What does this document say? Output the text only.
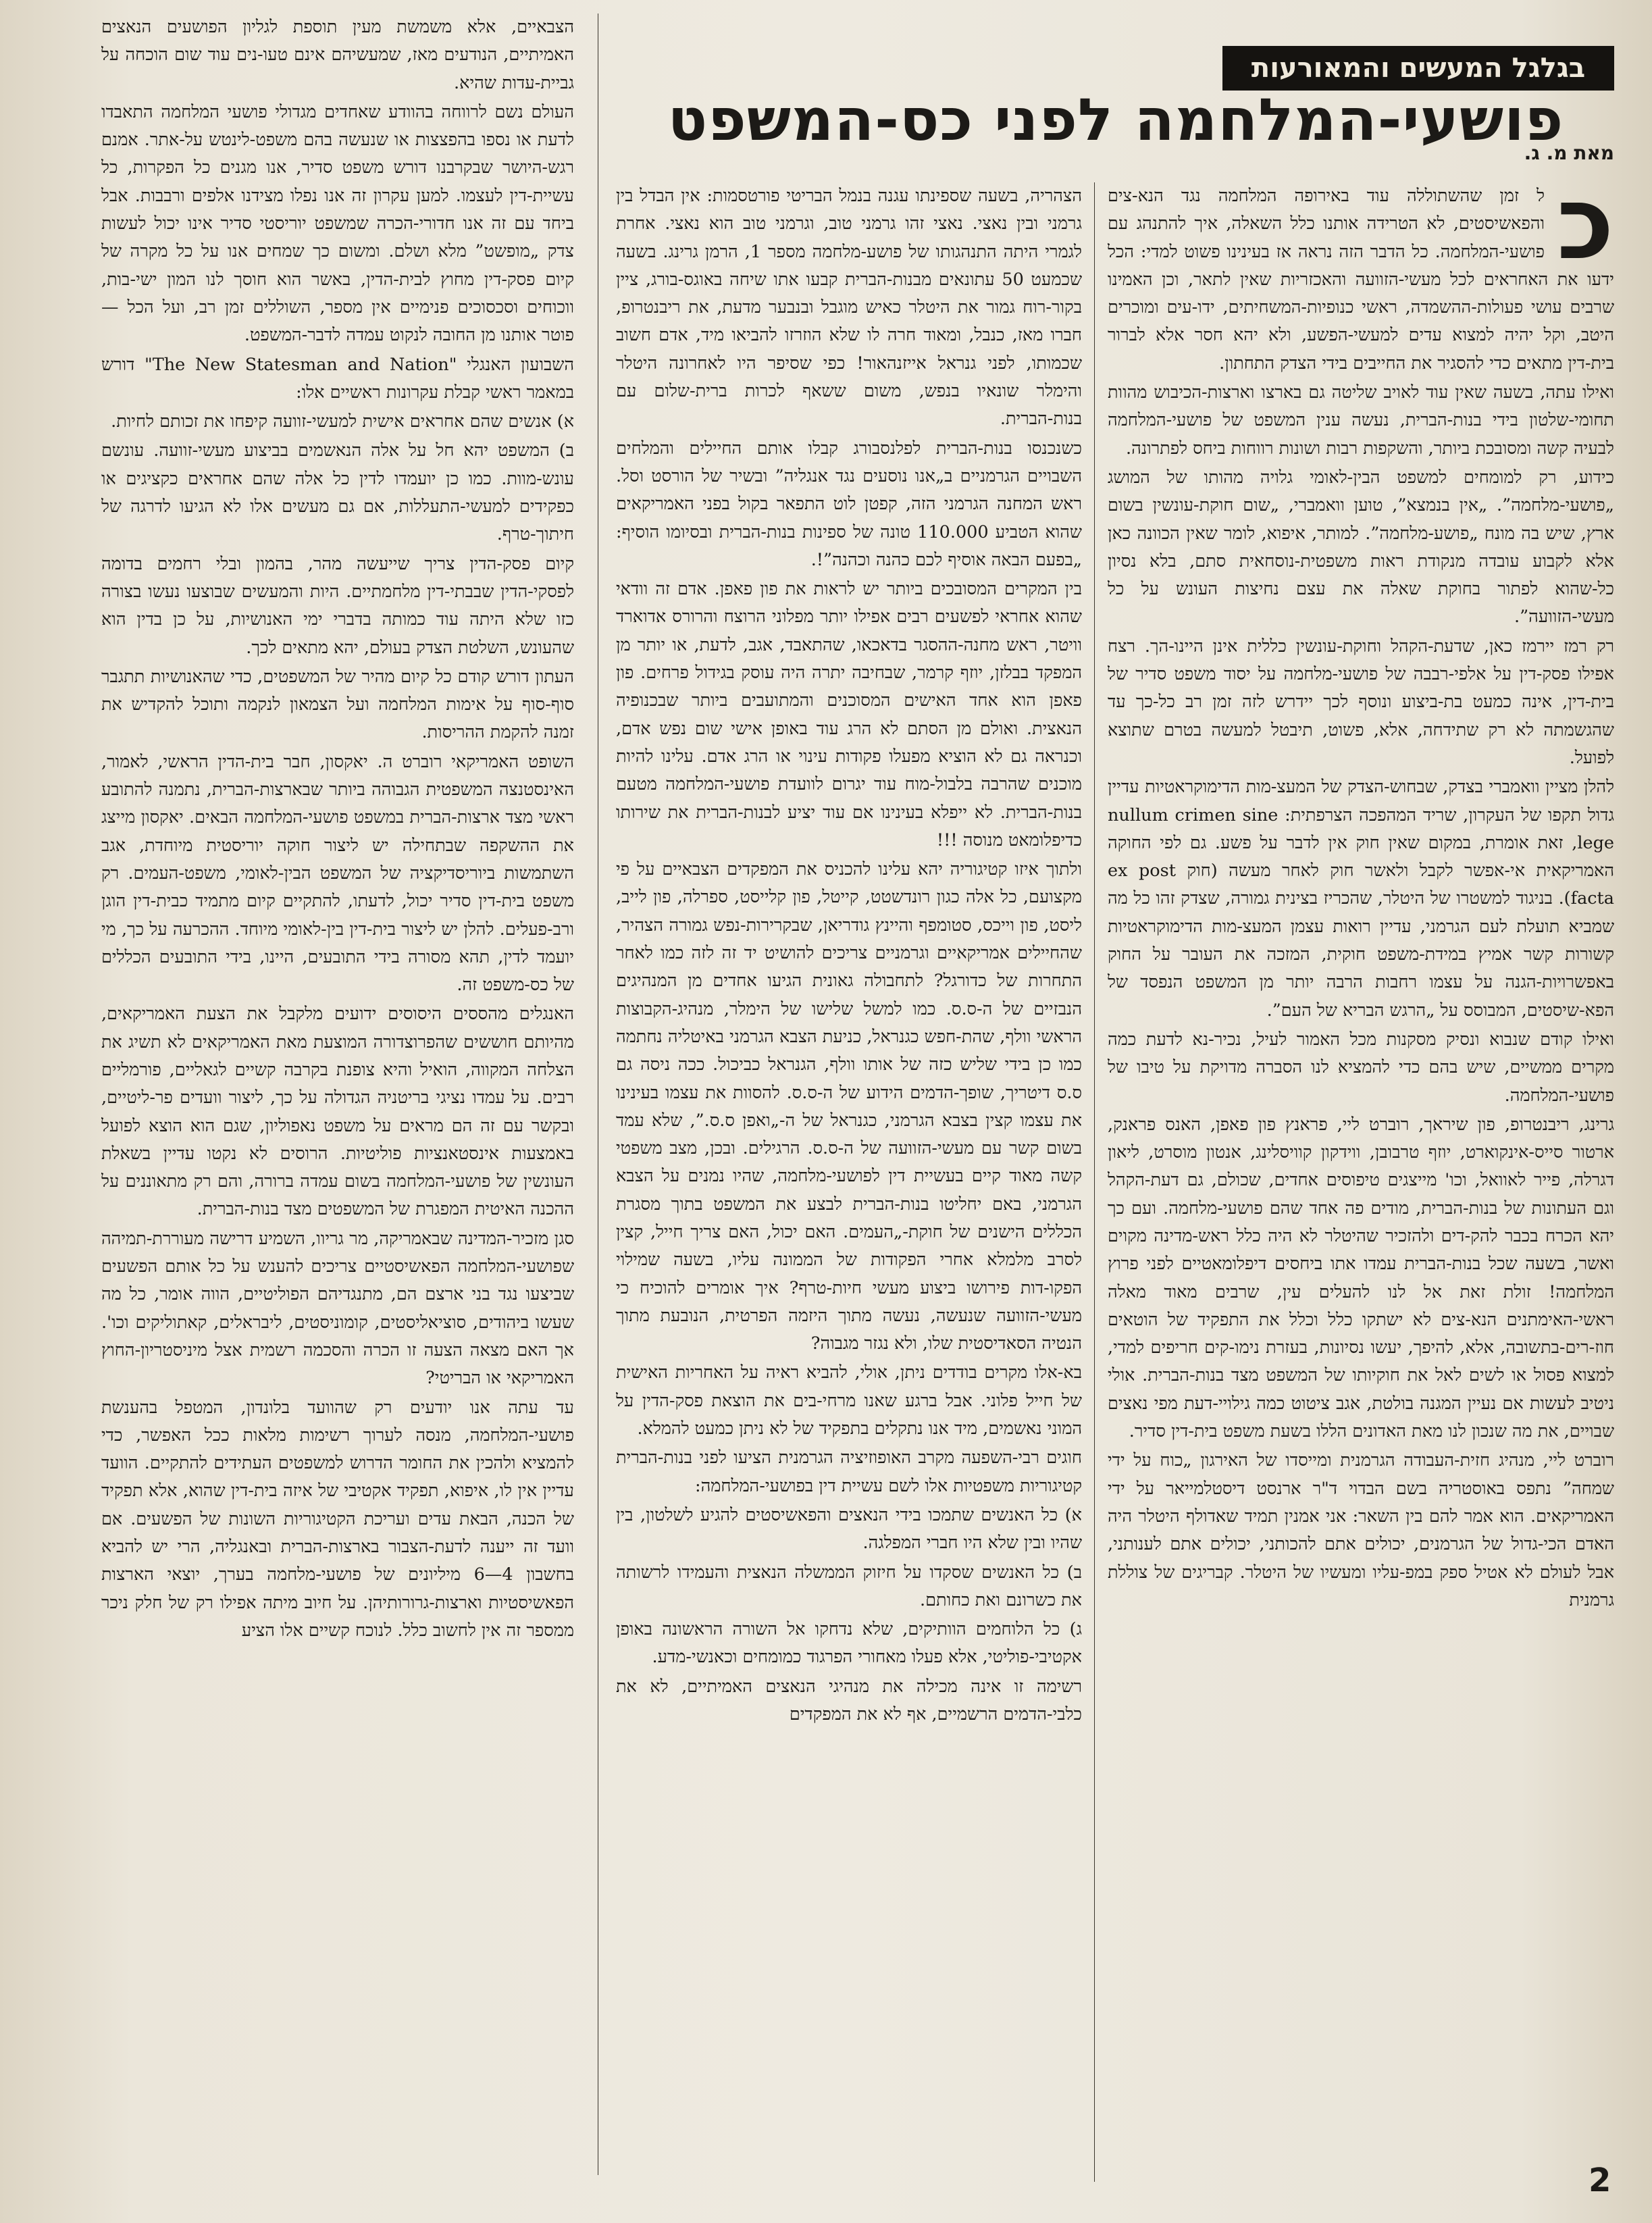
בגלגל המעשים והמאורעות
פושעי-המלחמה לפני כס-המשפט
מאת מ. ג.
כ

ל זמן שהשתוללה עוד באירופה המלחמה נגד הנא-צים והפאשיסטים, לא הטרידה אותנו כלל השאלה, איך להתנהג עם פושעי-המלחמה. כל הדבר הזה נראה אז בעינינו פשוט למדי: הכל ידעו את האחראים לכל מעשי-הזוועה והאכזריות שאין לתאר, וכן האמינו שרבים עושי פעולות-ההשמדה, ראשי כנופיות-המשחיתים, ידו-עים ומוכרים היטב, וקל יהיה למצוא עדים למעשי-הפשע, ולא יהא חסר אלא לברור בית-דין מתאים כדי להסגיר את החייבים בידי הצדק התחתון.

ואילו עתה, בשעה שאין עוד לאויב שליטה גם בארצו וארצות-הכיבוש מהוות תחומי-שלטון בידי בנות-הברית, נעשה ענין המשפט של פושעי-המלחמה לבעיה קשה ומסובכת ביותר, והשקפות רבות ושונות רווחות ביחס לפתרונה.

כידוע, רק למומחים למשפט הבין-לאומי גלויה מהותו של המושג „פושעי-מלחמה”. „אין בנמצא”, טוען וואמברי, „שום חוקת-עונשין בשום ארץ, שיש בה מונח „פושע-מלחמה”. למותר, איפוא, לומר שאין הכוונה כאן אלא לקבוע עובדה מנקודת ראות משפטית-נוסחאית סתם, בלא נסיון כל-שהוא לפתור בחוקת שאלה את עצם נחיצות העונש על כל מעשי-הזוועה”.

רק רמז יירמז כאן, שדעת-הקהל וחוקת-עונשין כללית אינן היינו-הך. רצח אפילו פסק-דין על אלפי-רבבה של פושעי-מלחמה על יסוד משפט סדיר של בית-דין, אינה כמעט בת-ביצוע ונוסף לכך יידרש לזה זמן רב כל-כך עד שהגשמתה לא רק שתידחה, אלא, פשוט, תיבטל למעשה בטרם שתוצא לפועל.

להלן מציין וואמברי בצדק, שבחוש-הצדק של המעצ-מות הדימוקראטיות עדיין גדול תקפו של העקרון, שריד המהפכה הצרפתית: nullum crimen sine lege, זאת אומרת, במקום שאין חוק אין לדבר על פשע. גם לפי החוקה האמריקאית אי-אפשר לקבל ולאשר חוק לאחר מעשה (חוק ex post facta). בניגוד למשטרו של היטלר, שהכריז בצינית גמורה, שצדק זהו כל מה שמביא תועלת לעם הגרמני, עדיין רואות עצמן המעצ-מות הדימוקראטיות קשורות קשר אמיץ במידת-משפט חוקית, המזכה את העובר על החוק באפשרויות-הגנה על עצמו רחבות הרבה יותר מן המשפט הנפסד של הפא-שיסטים, המבוסס על „הרגש הבריא של העם”.

ואילו קודם שנבוא ונסיק מסקנות מכל האמור לעיל, נכיר-נא לדעת כמה מקרים ממשיים, שיש בהם כדי להמציא לנו הסברה מדויקת על טיבו של פושעי-המלחמה.

גרינג, ריבנטרופ, פון שיראך, רוברט ליי, פראנץ פון פאפן, האנס פראנק, ארטור סייס-אינקוארט, יוזף טרבובן, ווידקון קוויסלינג, אנטון מוסרט, ליאון דגרלה, פייר לאוואל, וכו' מייצגים טיפוסים אחדים, שכולם, גם דעת-הקהל וגם העתונות של בנות-הברית, מודים פה אחד שהם פושעי-מלחמה. ועם כך יהא הכרח בכבר להק-דים ולהזכיר שהיטלר לא היה כלל ראש-מדינה מקוים ואשר, בשעה שכל בנות-הברית עמדו אתו ביחסים דיפלומאטיים לפני פרוץ המלחמה! זולת זאת אל לנו להעלים עין, שרבים מאוד מאלה ראשי-האימתנים הנא-צים לא ישתקו כלל וכלל את התפקיד של הוטאים חוז-רים-בתשובה, אלא, להיפך, יעשו נסיונות, בעזרת נימו-קים חריפים למדי, למצוא פסול או לשים לאל את חוקיותו של המשפט מצד בנות-הברית. אולי ניטיב לעשות אם נעיין המגנה בולטת, אגב ציטוט כמה גילויי-דעת מפי נאצים שבויים, את מה שנכון לנו מאת האדונים הללו בשעת משפט בית-דין סדיר.

רוברט ליי, מנהיג חזית-העבודה הגרמנית ומייסדו של האירגון „כוח על ידי שמחה” נתפס באוסטריה בשם הבדוי ד"ר ארנסט דיסטלמייאר על ידי האמריקאים. הוא אמר להם בין השאר: אני אמנין תמיד שאדולף היטלר היה האדם הכי-גדול של הגרמנים, יכולים אתם להכותני, יכולים אתם לענותני, אבל לעולם לא אטיל ספק במפ-עליו ומעשיו של היטלר. קבריגים של צוללת גרמנית

הצהריה, בשעה שספינתו עגנה בנמל הבריטי פורטסמות: אין הבדל בין גרמני ובין נאצי. נאצי זהו גרמני טוב, וגרמני טוב הוא נאצי. אחרת לגמרי היתה התנהגותו של פושע-מלחמה מספר 1, הרמן גרינג. בשעה שכמעט 50 עתונאים מבנות-הברית קבעו אתו שיחה באוגס-בורג, ציין בקור-רוח גמור את היטלר כאיש מוגבל ובנבער מדעת, את ריבנטרופ, חברו מאז, כנבל, ומאוד חרה לו שלא הוזרזו להביאו מיד, אדם חשוב שכמותו, לפני גנראל אייזנהאור! כפי שסיפר היו לאחרונה היטלר והימלר שונאיו בנפש, משום ששאף לכרות ברית-שלום עם בנות-הברית.

כשנכנסו בנות-הברית לפלנסבורג קבלו אותם החיילים והמלחים השבויים הגרמניים ב„אנו נוסעים נגד אנגליה” ובשיר של הורסט וסל. ראש המחנה הגרמני הזה, קפטן לוט התפאר בקול בפני האמריקאים שהוא הטביע 110.000 טונה של ספינות בנות-הברית ובסיומו הוסיף: „בפעם הבאה אוסיף לכם כהנה וכהנה”!.

בין המקרים המסובכים ביותר יש לראות את פון פאפן. אדם זה וודאי שהוא אחראי לפשעים רבים אפילו יותר מפלוני הרוצח והרורס אדוארד וויטר, ראש מחנה-ההסגר בדאכאו, שהתאבד, אגב, לדעת, או יותר מן המפקד בבלזן, יוזף קרמר, שבחיבה יתרה היה עוסק בגידול פרחים. פון פאפן הוא אחד האישים המסוכנים והמתועבים ביותר שבכנופיה הנאצית. ואולם מן הסתם לא הרג עוד באופן אישי שום נפש אדם, וכנראה גם לא הוציא מפעלו פקודות עינוי או הרג אדם. עלינו להיות מוכנים שהרבה בלבול-מוח עוד יגרום לוועדת פושעי-המלחמה מטעם בנות-הברית. לא ייפלא בעינינו אם עוד יציע לבנות-הברית את שירותו כדיפלומאט מנוסה !!!

ולתוך איזו קטיגוריה יהא עלינו להכניס את המפקדים הצבאיים על פי מקצועם, כל אלה כגון רונדשטט, קייטל, פון קלייסט, ספרלה, פון לייב, ליסט, פון וייכס, סטומפף והיינץ גודריאן, שבקרירות-נפש גמורה הצהיר, שהחיילים אמריקאיים וגרמניים צריכים להושיט יד זה לזה כמו לאחר התחרות של כדורגל? לתחבולה גאונית הגיעו אחדים מן המנהיגים הנבזיים של ה-ס.ס. כמו למשל שלישו של הימלר, מנהיג-הקבוצות הראשי וולף, שהת-חפש כגנראל, כניעת הצבא הגרמני באיטליה נחתמה כמו כן בידי שליש כזה של אותו וולף, הגנראל כביכול. ככה ניסה גם ס.ס דיטריך, שופך-הדמים הידוע של ה-ס.ס. להסוות את עצמו בעינינו את עצמו קצין בצבא הגרמני, כגנראל של ה-„ואפן ס.ס.”, שלא עמד בשום קשר עם מעשי-הזוועה של ה-ס.ס. הרגילים. ובכן, מצב משפטי קשה מאוד קיים בעשיית דין לפושעי-מלחמה, שהיו נמנים על הצבא הגרמני, באם יחליטו בנות-הברית לבצע את המשפט בתוך מסגרת הכללים הישנים של חוקת-„העמים. האם יכול, האם צריך חייל, קצין לסרב מלמלא אחרי הפקודות של הממונה עליו, בשעה שמילוי הפקו-דות פירושו ביצוע מעשי חיות-טרף? איך אומרים להוכיח כי מעשי-הזוועה שנעשה, נעשה מתוך היזמה הפרטית, הנובעת מתוך הנטיה הסאדיסטית שלו, ולא נגזר מגבוה?

בא-אלו מקרים בודדים ניתן, אולי, להביא ראיה על האחריות האישית של חייל פלוני. אבל ברגע שאנו מרחי-בים את הוצאת פסק-הדין על המוני נאשמים, מיד אנו נתקלים בתפקיד של לא ניתן כמעט להמלא.

חוגים רבי-השפעה מקרב האופוזיציה הגרמנית הציעו לפני בנות-הברית קטיגוריות משפטיות אלו לשם עשיית דין בפושעי-המלחמה:

א) כל האנשים שתמכו בידי הנאצים והפאשיסטים להגיע לשלטון, בין שהיו ובין שלא היו חברי המפלגה.

ב) כל האנשים שסקדו על חיזוק הממשלה הנאצית והעמידו לרשותה את כשרונם ואת כחותם.

ג) כל הלוחמים הוותיקים, שלא נדחקו אל השורה הראשונה באופן אקטיבי-פוליטי, אלא פעלו מאחורי הפרגוד כמומחים וכאנשי-מדע.

רשימה זו אינה מכילה את מנהיגי הנאצים האמיתיים, לא את כלבי-הדמים הרשמיים, אף לא את המפקדים

הצבאיים, אלא משמשת מעין תוספת לגליון הפושעים הנאצים האמיתיים, הנודעים מאז, שמעשיהם אינם טעו-נים עוד שום הוכחה על גביית-עדות שהיא.

העולם נשם לרווחה בהוודע שאחדים מגדולי פושעי המלחמה התאבדו לדעת או נספו בהפצצות או שנעשה בהם משפט-לינטש על-אתר. אמנם רגש-היושר שבקרבנו דורש משפט סדיר, אנו מגנים כל הפקרות, כל עשיית-דין לעצמו. למען עקרון זה אנו נפלו מצידנו אלפים ורבבות. אבל ביחד עם זה אנו חדורי-הכרה שמשפט יוריסטי סדיר אינו יכול לעשות צדק „מופשט” מלא ושלם. ומשום כך שמחים אנו על כל מקרה של קיום פסק-דין מחוץ לבית-הדין, באשר הוא חוסך לנו המון ישי-בות, ווכוחים וסכסוכים פנימיים אין מספר, השוללים זמן רב, ועל הכל — פוטר אותנו מן החובה לנקוט עמדה לדבר-המשפט.

השבועון האנגלי "The New Statesman and Nation" דורש במאמר ראשי קבלת עקרונות ראשיים אלו:

א) אנשים שהם אחראים אישית למעשי-זוועה קיפחו את זכותם לחיות.

ב) המשפט יהא חל על אלה הנאשמים בביצוע מעשי-זוועה. עונשם עונש-מוות. כמו כן יועמדו לדין כל אלה שהם אחראים כקציגים או כפקידים למעשי-התעללות, אם גם מעשים אלו לא הגיעו לדרגה של חיתוך-טרף.

קיום פסק-הדין צריך שייעשה מהר, בהמון ובלי רחמים בדומה לפסקי-הדין שבבתי-דין מלחמתיים. היות והמעשים שבוצעו נעשו בצורה כזו שלא היתה עוד כמותה בדברי ימי האנושיות, על כן בדין הוא שהעונש, השלטת הצדק בעולם, יהא מתאים לכך.

העתון דורש קודם כל קיום מהיר של המשפטים, כדי שהאנושיות תתגבר סוף-סוף על אימות המלחמה ועל הצמאון לנקמה ותוכל להקדיש את זמנה להקמת ההריסות.

השופט האמריקאי רוברט ה. יאקסון, חבר בית-הדין הראשי, לאמור, האינסטנצה המשפטית הגבוהה ביותר שבארצות-הברית, נתמנה להתובע ראשי מצד ארצות-הברית במשפט פושעי-המלחמה הבאים. יאקסון מייצג את ההשקפה שבתחילה יש ליצור חוקה יוריסטית מיוחדת, אגב השתמשות ביוריסדיקציה של המשפט הבין-לאומי, משפט-העמים. רק משפט בית-דין סדיר יכול, לדעתו, להתקיים קיום מתמיד כבית-דין הוגן ורב-פעלים. להלן יש ליצור בית-דין בין-לאומי מיוחד. ההכרעה על כך, מי יועמד לדין, תהא מסורה בידי התובעים, היינו, בידי התובעים הכללים של כס-משפט זה.

האנגלים מהססים היסוסים ידועים מלקבל את הצעת האמריקאים, מהיותם חוששים שהפרוצדורה המוצעת מאת האמריקאים לא תשיג את הצלחה המקווה, הואיל והיא צופנת בקרבה קשיים לגאליים, פורמליים רבים. על עמדו נציגי בריטניה הגדולה על כך, ליצור וועדים פר-ליטיים, ובקשר עם זה הם מראים על משפט נאפוליון, שגם הוא הוצא לפועל באמצעות אינסטאנציות פוליטיות. הרוסים לא נקטו עדיין בשאלת העונשין של פושעי-המלחמה בשום עמדה ברורה, והם רק מתאוננים על ההכנה האיטית המפגרת של המשפטים מצד בנות-הברית.

סגן מזכיר-המדינה שבאמריקה, מר גריוו, השמיע דרישה מעוררת-תמיהה שפושעי-המלחמה הפאשיסטיים צריכים להענש על כל אותם הפשעים שביצעו נגד בני ארצם הם, מתנגדיהם הפוליטיים, הווה אומר, כל מה שעשו ביהודים, סוציאליסטים, קומוניסטים, ליבראלים, קאתוליקים וכו'. אך האם מצאה הצעה זו הכרה והסכמה רשמית אצל מיניסטריון-החוץ האמריקאי או הבריטי?

עד עתה אנו יודעים רק שהוועד בלונדון, המטפל בהענשת פושעי-המלחמה, מנסה לערוך רשימות מלאות ככל האפשר, כדי להמציא ולהכין את החומר הדרוש למשפטים העתידים להתקיים. הוועד עדיין אין לו, איפוא, תפקיד אקטיבי של איזה בית-דין שהוא, אלא תפקיד של הכנה, הבאת עדים ועריכת הקטיגוריות השונות של הפשעים. אם וועד זה ייענה לדעת-הצבור בארצות-הברית ובאנגליה, הרי יש להביא בחשבון 4—6 מיליונים של פושעי-מלחמה בערך, יוצאי הארצות הפאשיסטיות וארצות-גרורותיהן. על חיוב מיתה אפילו רק של חלק ניכר ממספר זה אין לחשוב כלל. לנוכח קשיים אלו הציע

2
